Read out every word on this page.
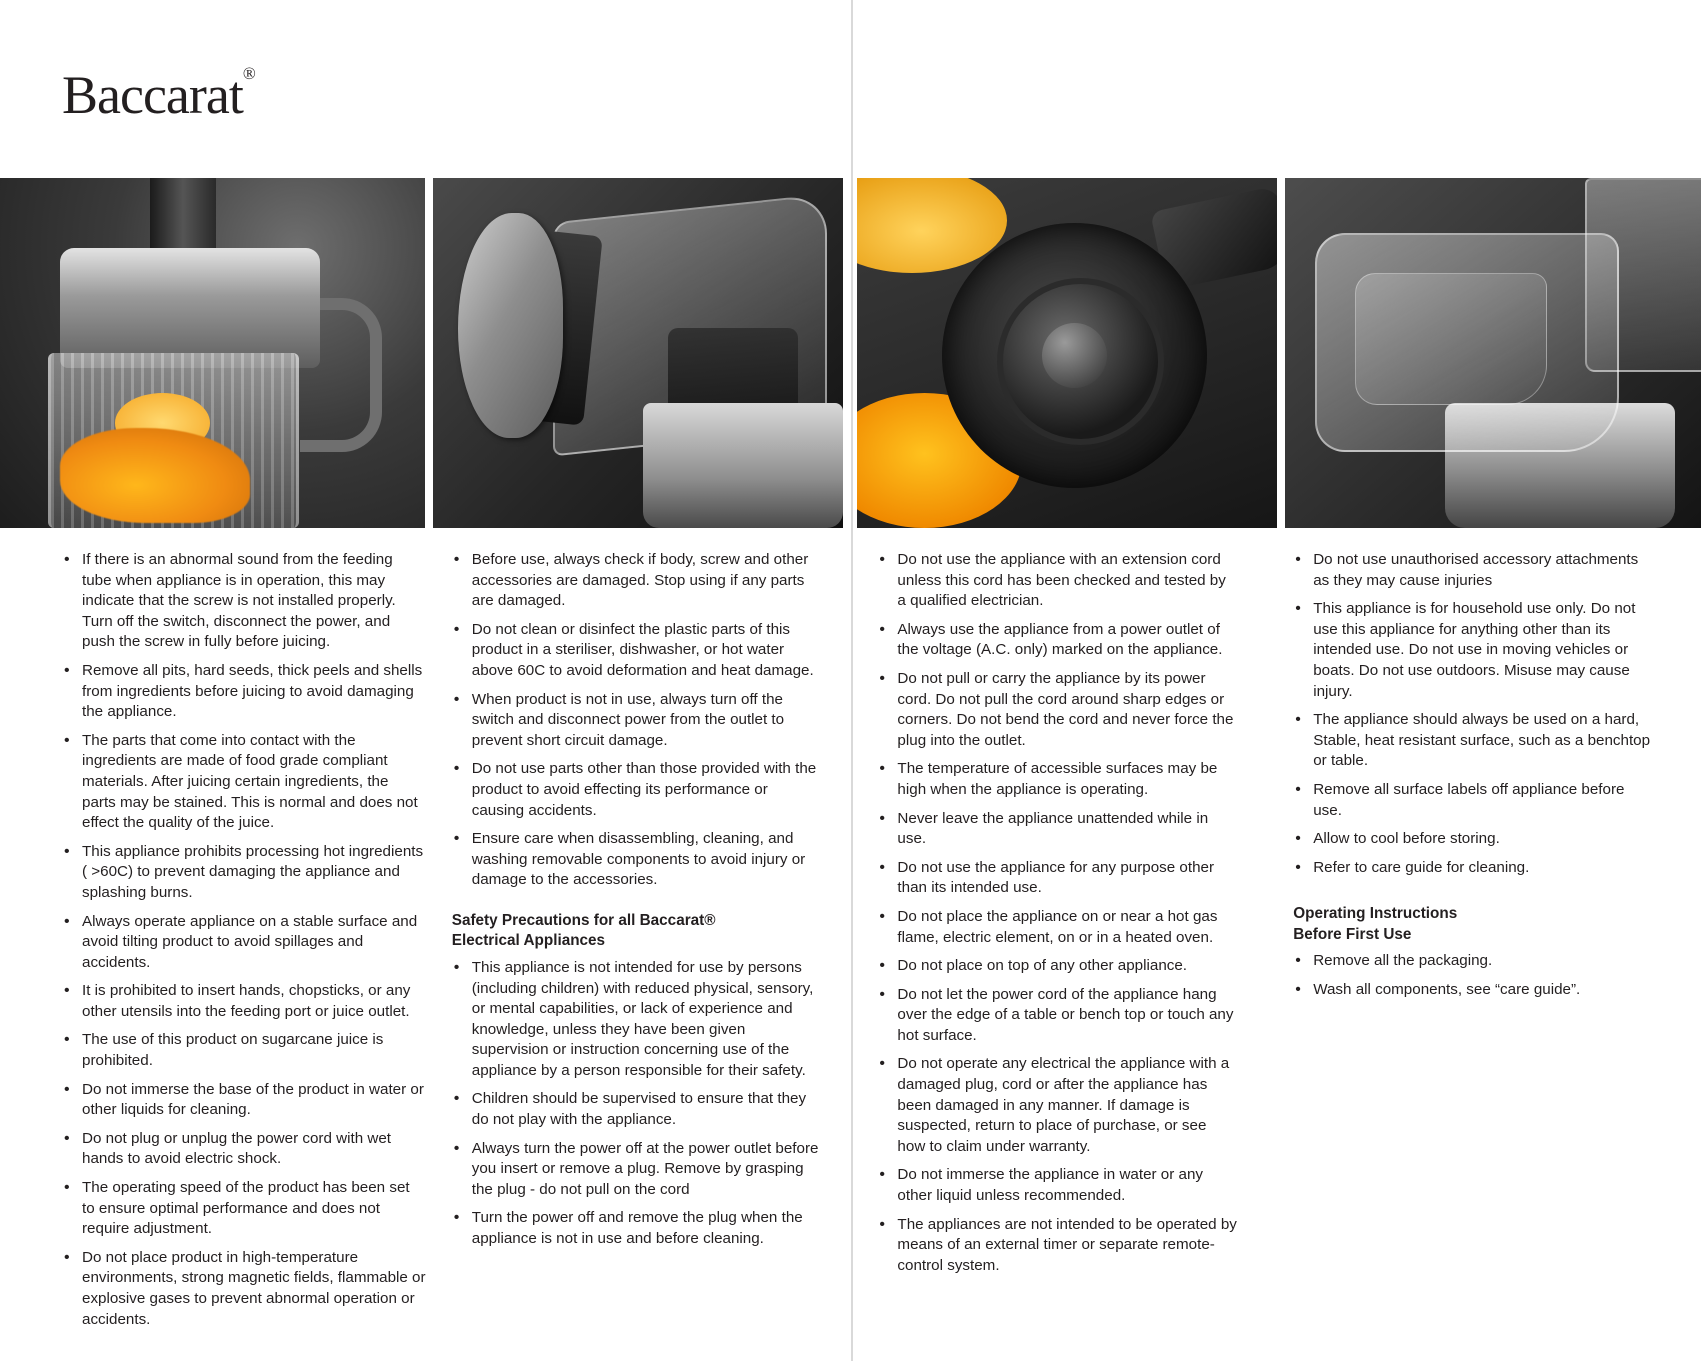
Baccarat®
• If there is an abnormal sound from the feeding tube when appliance is in operation, this may indicate that the screw is not installed properly. Turn off the switch, disconnect the power, and push the screw in fully before juicing.
• Remove all pits, hard seeds, thick peels and shells from ingredients before juicing to avoid damaging the appliance.
• The parts that come into contact with the ingredients are made of food grade compliant materials. After juicing certain ingredients, the parts may be stained. This is normal and does not effect the quality of the juice.
• This appliance prohibits processing hot ingredients ( >60C) to prevent damaging the appliance and splashing burns.
• Always operate appliance on a stable surface and avoid tilting product to avoid spillages and accidents.
• It is prohibited to insert hands, chopsticks, or any other utensils into the feeding port or juice outlet.
• The use of this product on sugarcane juice is prohibited.
• Do not immerse the base of the product in water or other liquids for cleaning.
• Do not plug or unplug the power cord with wet hands to avoid electric shock.
• The operating speed of the product has been set to ensure optimal performance and does not require adjustment.
• Do not place product in high-temperature environments, strong magnetic fields, flammable or explosive gases to prevent abnormal operation or accidents.
• Before use, always check if body, screw and other accessories are damaged. Stop using if any parts are damaged.
• Do not clean or disinfect the plastic parts of this product in a steriliser, dishwasher, or hot water above 60C to avoid deformation and heat damage.
• When product is not in use, always turn off the switch and disconnect power from the outlet to prevent short circuit damage.
• Do not use parts other than those provided with the product to avoid effecting its performance or causing accidents.
• Ensure care when disassembling, cleaning, and washing removable components to avoid injury or damage to the accessories.
Safety Precautions for all Baccarat®
Electrical Appliances
• This appliance is not intended for use by persons (including children) with reduced physical, sensory, or mental capabilities, or lack of experience and knowledge, unless they have been given supervision or instruction concerning use of the appliance by a person responsible for their safety.
• Children should be supervised to ensure that they do not play with the appliance.
• Always turn the power off at the power outlet before you insert or remove a plug. Remove by grasping the plug - do not pull on the cord
• Turn the power off and remove the plug when the appliance is not in use and before cleaning.
• Do not use the appliance with an extension cord unless this cord has been checked and tested by a qualified electrician.
• Always use the appliance from a power outlet of the voltage (A.C. only) marked on the appliance.
• Do not pull or carry the appliance by its power cord. Do not pull the cord around sharp edges or corners. Do not bend the cord and never force the plug into the outlet.
• The temperature of accessible surfaces may be high when the appliance is operating.
• Never leave the appliance unattended while in use.
• Do not use the appliance for any purpose other than its intended use.
• Do not place the appliance on or near a hot gas flame, electric element, on or in a heated oven.
• Do not place on top of any other appliance.
• Do not let the power cord of the appliance hang over the edge of a table or bench top or touch any hot surface.
• Do not operate any electrical the appliance with a damaged plug, cord or after the appliance has been damaged in any manner. If damage is suspected, return to place of purchase, or see how to claim under warranty.
• Do not immerse the appliance in water or any other liquid unless recommended.
• The appliances are not intended to be operated by means of an external timer or separate remote-control system.
• Do not use unauthorised accessory attachments as they may cause injuries
• This appliance is for household use only. Do not use this appliance for anything other than its intended use. Do not use in moving vehicles or boats. Do not use outdoors. Misuse may cause injury.
• The appliance should always be used on a hard, Stable, heat resistant surface, such as a benchtop or table.
• Remove all surface labels off appliance before use.
• Allow to cool before storing.
• Refer to care guide for cleaning.
Operating Instructions
Before First Use
• Remove all the packaging.
• Wash all components, see “care guide”.
